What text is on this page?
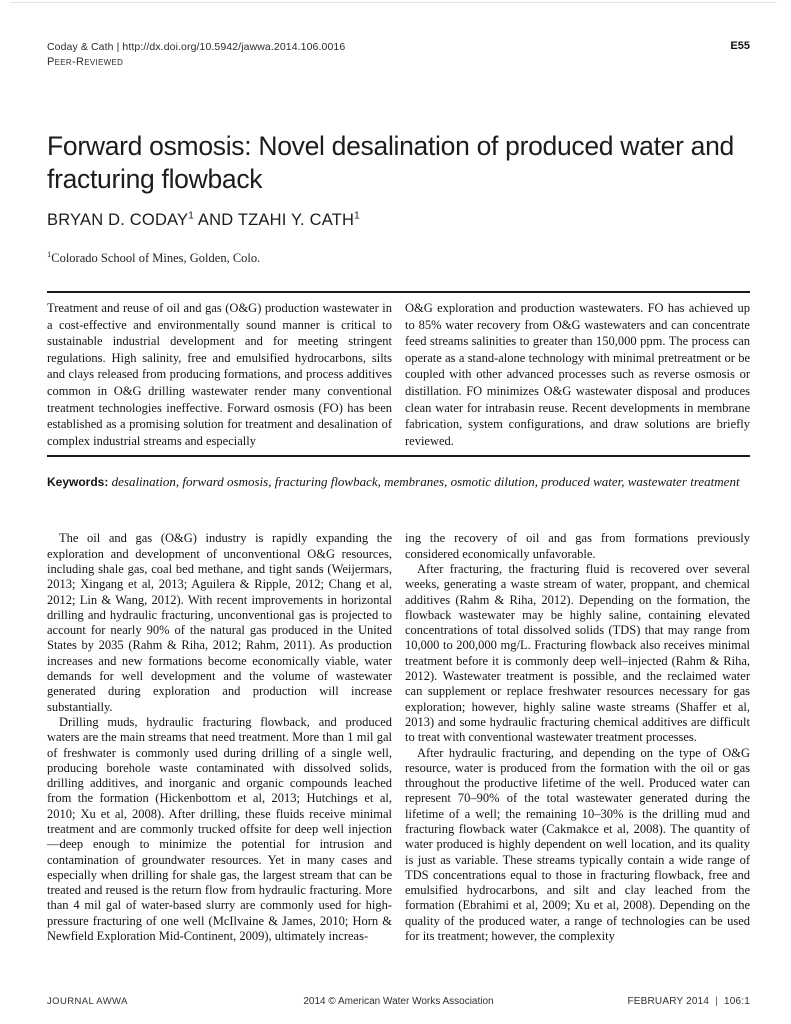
Coday & Cath | http://dx.doi.org/10.5942/jawwa.2014.106.0016
Peer-Reviewed
E55
Forward osmosis: Novel desalination of produced water and fracturing flowback
BRYAN D. CODAY$^1$ AND TZAHI Y. CATH$^1$
$^1$Colorado School of Mines, Golden, Colo.
Treatment and reuse of oil and gas (O&G) production wastewater in a cost-effective and environmentally sound manner is critical to sustainable industrial development and for meeting stringent regulations. High salinity, free and emulsified hydrocarbons, silts and clays released from producing formations, and process additives common in O&G drilling wastewater render many conventional treatment technologies ineffective. Forward osmosis (FO) has been established as a promising solution for treatment and desalination of complex industrial streams and especially
O&G exploration and production wastewaters. FO has achieved up to 85% water recovery from O&G wastewaters and can concentrate feed streams salinities to greater than 150,000 ppm. The process can operate as a stand-alone technology with minimal pretreatment or be coupled with other advanced processes such as reverse osmosis or distillation. FO minimizes O&G wastewater disposal and produces clean water for intrabasin reuse. Recent developments in membrane fabrication, system configurations, and draw solutions are briefly reviewed.
Keywords: desalination, forward osmosis, fracturing flowback, membranes, osmotic dilution, produced water, wastewater treatment

The oil and gas (O&G) industry is rapidly expanding the exploration and development of unconventional O&G resources, including shale gas, coal bed methane, and tight sands (Weijermars, 2013; Xingang et al, 2013; Aguilera & Ripple, 2012; Chang et al, 2012; Lin & Wang, 2012). With recent improvements in horizontal drilling and hydraulic fracturing, unconventional gas is projected to account for nearly 90% of the natural gas produced in the United States by 2035 (Rahm & Riha, 2012; Rahm, 2011). As production increases and new formations become economically viable, water demands for well development and the volume of wastewater generated during exploration and production will increase substantially.

Drilling muds, hydraulic fracturing flowback, and produced waters are the main streams that need treatment. More than 1 mil gal of freshwater is commonly used during drilling of a single well, producing borehole waste contaminated with dissolved solids, drilling additives, and inorganic and organic compounds leached from the formation (Hickenbottom et al, 2013; Hutchings et al, 2010; Xu et al, 2008). After drilling, these fluids receive minimal treatment and are commonly trucked offsite for deep well injection—deep enough to minimize the potential for intrusion and contamination of groundwater resources. Yet in many cases and especially when drilling for shale gas, the largest stream that can be treated and reused is the return flow from hydraulic fracturing. More than 4 mil gal of water-based slurry are commonly used for high-pressure fracturing of one well (McIlvaine & James, 2010; Horn & Newfield Exploration Mid-Continent, 2009), ultimately increas-

ing the recovery of oil and gas from formations previously considered economically unfavorable.

After fracturing, the fracturing fluid is recovered over several weeks, generating a waste stream of water, proppant, and chemical additives (Rahm & Riha, 2012). Depending on the formation, the flowback wastewater may be highly saline, containing elevated concentrations of total dissolved solids (TDS) that may range from 10,000 to 200,000 mg/L. Fracturing flowback also receives minimal treatment before it is commonly deep well–injected (Rahm & Riha, 2012). Wastewater treatment is possible, and the reclaimed water can supplement or replace freshwater resources necessary for gas exploration; however, highly saline waste streams (Shaffer et al, 2013) and some hydraulic fracturing chemical additives are difficult to treat with conventional wastewater treatment processes.

After hydraulic fracturing, and depending on the type of O&G resource, water is produced from the formation with the oil or gas throughout the productive lifetime of the well. Produced water can represent 70–90% of the total wastewater generated during the lifetime of a well; the remaining 10–30% is the drilling mud and fracturing flowback water (Cakmakce et al, 2008). The quantity of water produced is highly dependent on well location, and its quality is just as variable. These streams typically contain a wide range of TDS concentrations equal to those in fracturing flowback, free and emulsified hydrocarbons, and silt and clay leached from the formation (Ebrahimi et al, 2009; Xu et al, 2008). Depending on the quality of the produced water, a range of technologies can be used for its treatment; however, the complexity

JOURNAL AWWA	2014 © American Water Works Association	FEBRUARY 2014 | 106:1
